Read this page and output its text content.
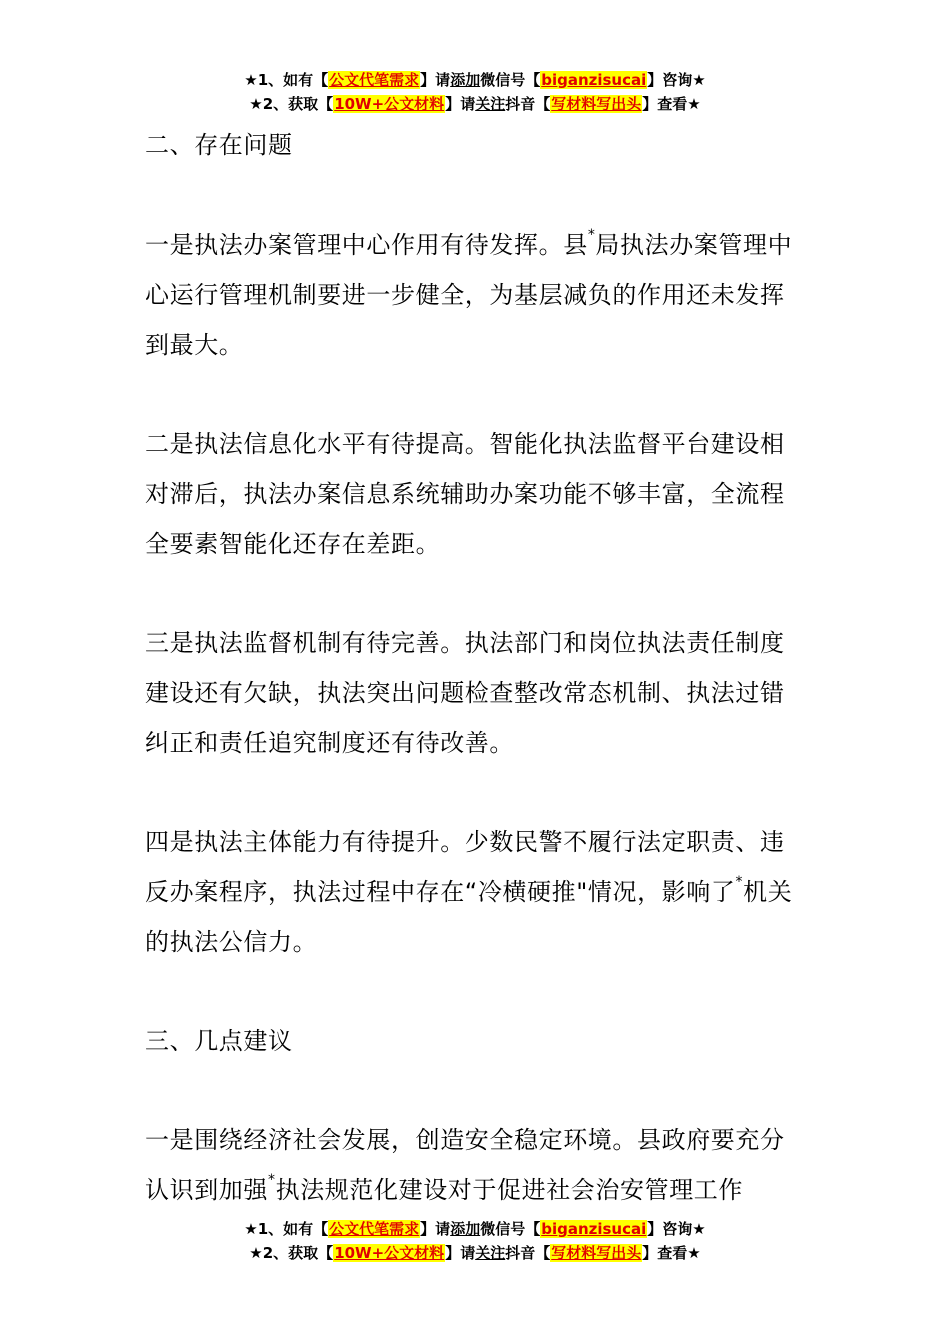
★1、如有【公文代笔需求】请添加微信号【biganzisucai】咨询★
★2、获取【10W+公文材料】请关注抖音【写材料写出头】查看★

二、存在问题

一是执法办案管理中心作用有待发挥。县*局执法办案管理中心运行管理机制要进一步健全，为基层减负的作用还未发挥到最大。

二是执法信息化水平有待提高。智能化执法监督平台建设相对滞后，执法办案信息系统辅助办案功能不够丰富，全流程全要素智能化还存在差距。

三是执法监督机制有待完善。执法部门和岗位执法责任制度建设还有欠缺，执法突出问题检查整改常态机制、执法过错纠正和责任追究制度还有待改善。

四是执法主体能力有待提升。少数民警不履行法定职责、违反办案程序，执法过程中存在“冷横硬推"情况，影响了*机关的执法公信力。

三、几点建议

一是围绕经济社会发展，创造安全稳定环境。县政府要充分认识到加强*执法规范化建设对于促进社会治安管理工作

★1、如有【公文代笔需求】请添加微信号【biganzisucai】咨询★
★2、获取【10W+公文材料】请关注抖音【写材料写出头】查看★
